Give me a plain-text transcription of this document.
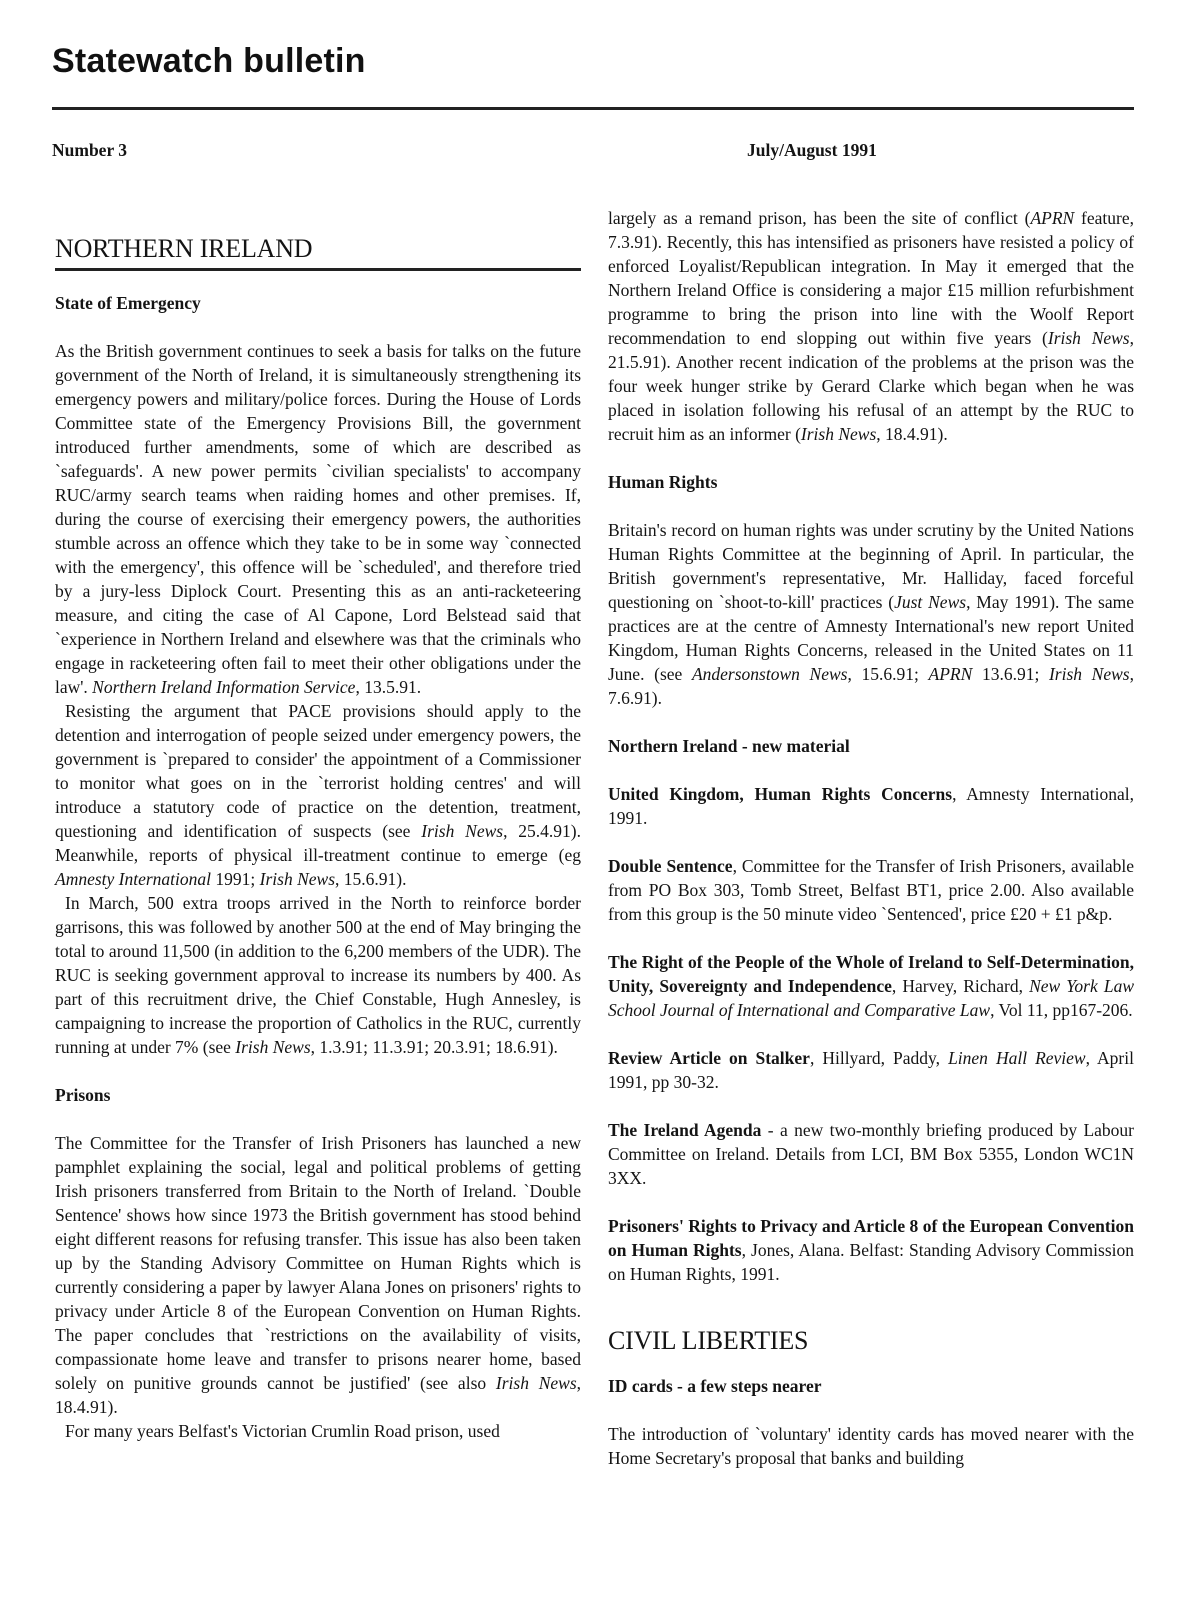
Statewatch bulletin
Number 3	July/August 1991
NORTHERN IRELAND

State of Emergency

As the British government continues to seek a basis for talks on the future government of the North of Ireland, it is simultaneously strengthening its emergency powers and military/police forces. During the House of Lords Committee state of the Emergency Provisions Bill, the government introduced further amendments, some of which are described as `safeguards'. A new power permits `civilian specialists' to accompany RUC/army search teams when raiding homes and other premises. If, during the course of exercising their emergency powers, the authorities stumble across an offence which they take to be in some way `connected with the emergency', this offence will be `scheduled', and therefore tried by a jury-less Diplock Court. Presenting this as an anti-racketeering measure, and citing the case of Al Capone, Lord Belstead said that `experience in Northern Ireland and elsewhere was that the criminals who engage in racketeering often fail to meet their other obligations under the law'. Northern Ireland Information Service, 13.5.91.

Resisting the argument that PACE provisions should apply to the detention and interrogation of people seized under emergency powers, the government is `prepared to consider' the appointment of a Commissioner to monitor what goes on in the `terrorist holding centres' and will introduce a statutory code of practice on the detention, treatment, questioning and identification of suspects (see Irish News, 25.4.91). Meanwhile, reports of physical ill-treatment continue to emerge (eg Amnesty International 1991; Irish News, 15.6.91).

In March, 500 extra troops arrived in the North to reinforce border garrisons, this was followed by another 500 at the end of May bringing the total to around 11,500 (in addition to the 6,200 members of the UDR). The RUC is seeking government approval to increase its numbers by 400. As part of this recruitment drive, the Chief Constable, Hugh Annesley, is campaigning to increase the proportion of Catholics in the RUC, currently running at under 7% (see Irish News, 1.3.91; 11.3.91; 20.3.91; 18.6.91).

Prisons

The Committee for the Transfer of Irish Prisoners has launched a new pamphlet explaining the social, legal and political problems of getting Irish prisoners transferred from Britain to the North of Ireland. `Double Sentence' shows how since 1973 the British government has stood behind eight different reasons for refusing transfer. This issue has also been taken up by the Standing Advisory Committee on Human Rights which is currently considering a paper by lawyer Alana Jones on prisoners' rights to privacy under Article 8 of the European Convention on Human Rights. The paper concludes that `restrictions on the availability of visits, compassionate home leave and transfer to prisons nearer home, based solely on punitive grounds cannot be justified' (see also Irish News, 18.4.91).

For many years Belfast's Victorian Crumlin Road prison, used

largely as a remand prison, has been the site of conflict (APRN feature, 7.3.91). Recently, this has intensified as prisoners have resisted a policy of enforced Loyalist/Republican integration. In May it emerged that the Northern Ireland Office is considering a major £15 million refurbishment programme to bring the prison into line with the Woolf Report recommendation to end slopping out within five years (Irish News, 21.5.91). Another recent indication of the problems at the prison was the four week hunger strike by Gerard Clarke which began when he was placed in isolation following his refusal of an attempt by the RUC to recruit him as an informer (Irish News, 18.4.91).

Human Rights

Britain's record on human rights was under scrutiny by the United Nations Human Rights Committee at the beginning of April. In particular, the British government's representative, Mr. Halliday, faced forceful questioning on `shoot-to-kill' practices (Just News, May 1991). The same practices are at the centre of Amnesty International's new report United Kingdom, Human Rights Concerns, released in the United States on 11 June. (see Andersonstown News, 15.6.91; APRN 13.6.91; Irish News, 7.6.91).

Northern Ireland - new material

United Kingdom, Human Rights Concerns, Amnesty International, 1991.

Double Sentence, Committee for the Transfer of Irish Prisoners, available from PO Box 303, Tomb Street, Belfast BT1, price 2.00. Also available from this group is the 50 minute video `Sentenced', price £20 + £1 p&p.

The Right of the People of the Whole of Ireland to Self-Determination, Unity, Sovereignty and Independence, Harvey, Richard, New York Law School Journal of International and Comparative Law, Vol 11, pp167-206.

Review Article on Stalker, Hillyard, Paddy, Linen Hall Review, April 1991, pp 30-32.

The Ireland Agenda - a new two-monthly briefing produced by Labour Committee on Ireland. Details from LCI, BM Box 5355, London WC1N 3XX.

Prisoners' Rights to Privacy and Article 8 of the European Convention on Human Rights, Jones, Alana. Belfast: Standing Advisory Commission on Human Rights, 1991.

CIVIL LIBERTIES

ID cards - a few steps nearer

The introduction of `voluntary' identity cards has moved nearer with the Home Secretary's proposal that banks and building
